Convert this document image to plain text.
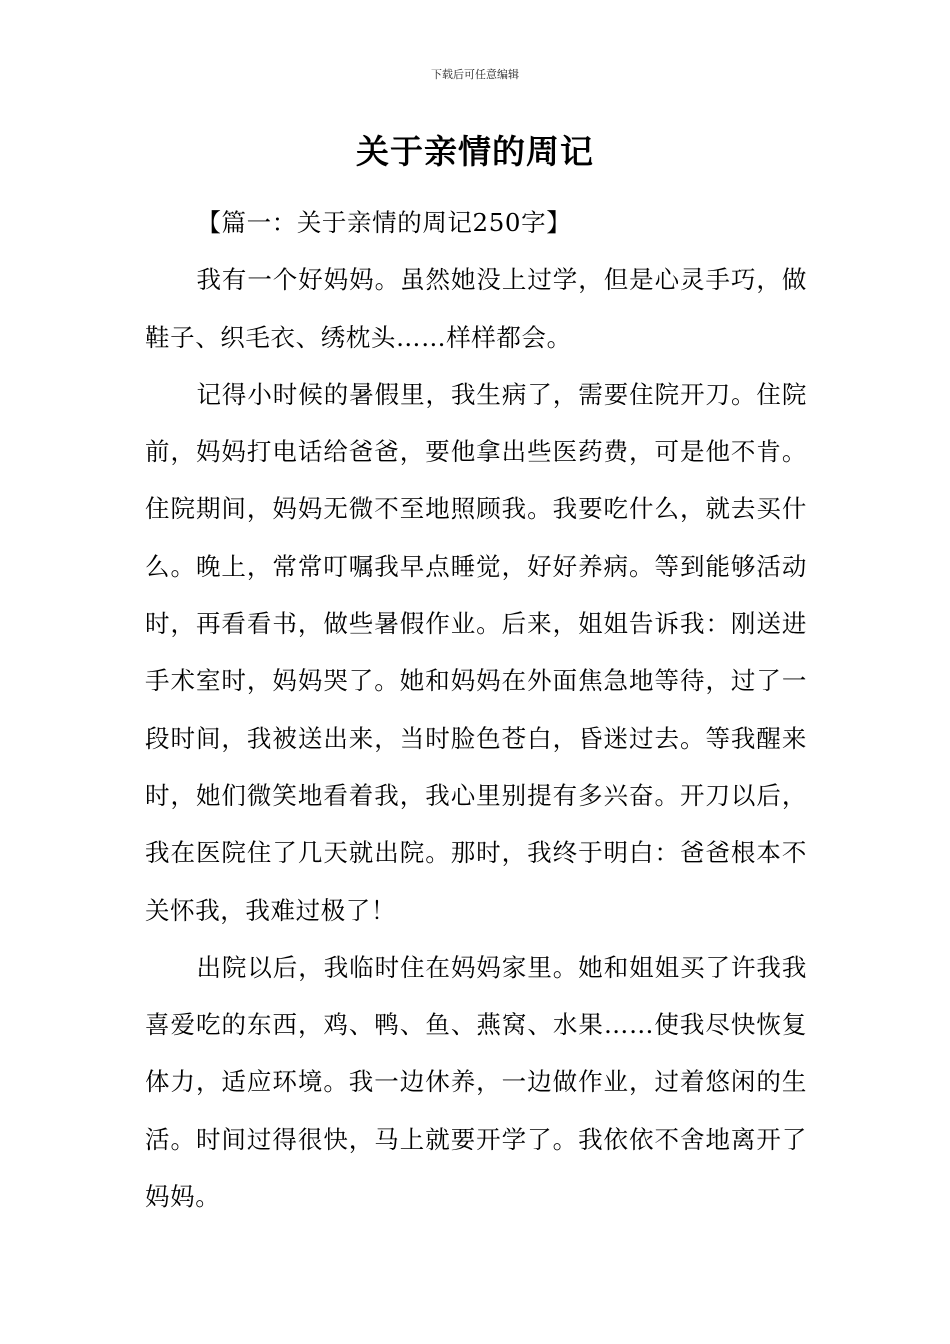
下载后可任意编辑
关于亲情的周记

【篇一：关于亲情的周记250字】

我有一个好妈妈。虽然她没上过学，但是心灵手巧，做鞋子、织毛衣、绣枕头……样样都会。

记得小时候的暑假里，我生病了，需要住院开刀。住院前，妈妈打电话给爸爸，要他拿出些医药费，可是他不肯。住院期间，妈妈无微不至地照顾我。我要吃什么，就去买什么。晚上，常常叮嘱我早点睡觉，好好养病。等到能够活动时，再看看书，做些暑假作业。后来，姐姐告诉我：刚送进手术室时，妈妈哭了。她和妈妈在外面焦急地等待，过了一段时间，我被送出来，当时脸色苍白，昏迷过去。等我醒来时，她们微笑地看着我，我心里别提有多兴奋。开刀以后，我在医院住了几天就出院。那时，我终于明白：爸爸根本不关怀我，我难过极了！

出院以后，我临时住在妈妈家里。她和姐姐买了许我我喜爱吃的东西，鸡、鸭、鱼、燕窝、水果……使我尽快恢复体力，适应环境。我一边休养，一边做作业，过着悠闲的生活。时间过得很快，马上就要开学了。我依依不舍地离开了妈妈。
